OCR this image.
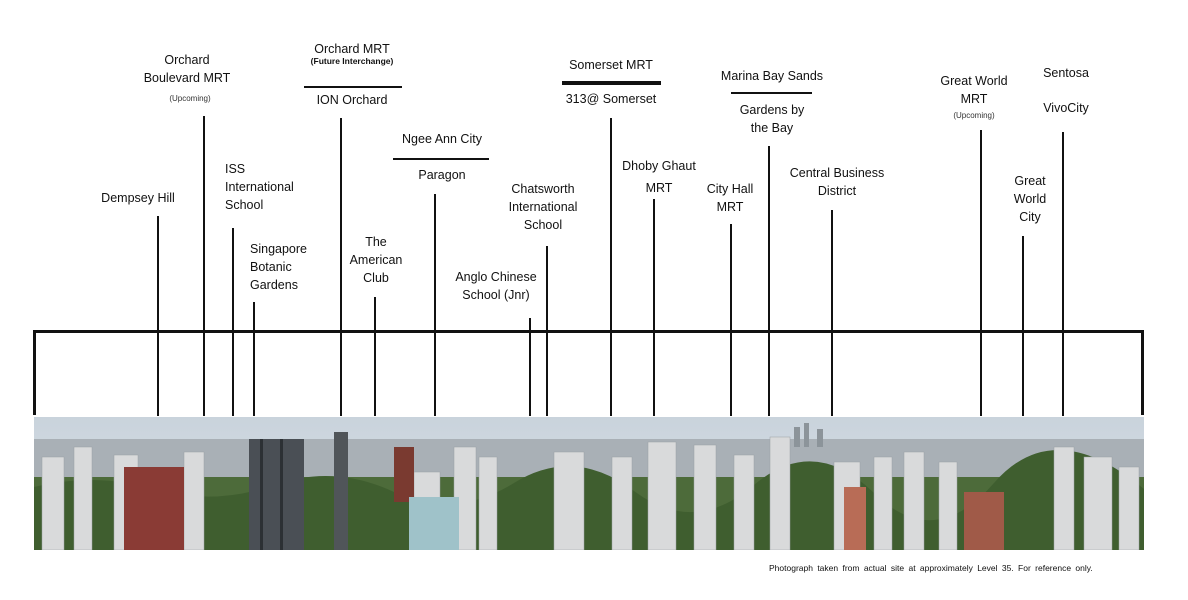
Dempsey Hill
Orchard
Boulevard MRT
(Upcoming)
ISS
International
School
Singapore
Botanic
Gardens
Orchard MRT
(Future Interchange)
ION Orchard
The
American
Club
Ngee Ann City
Paragon
Anglo Chinese
School (Jnr)
Chatsworth
International
School
Somerset MRT
313@ Somerset
Dhoby Ghaut
MRT	City Hall
MRT
Marina Bay Sands
Gardens by
the Bay
Central Business
District
Great World
MRT
(Upcoming)
Great
World
City
Sentosa
VivoCity
Photograph taken from actual site at approximately Level 35. For reference only.
